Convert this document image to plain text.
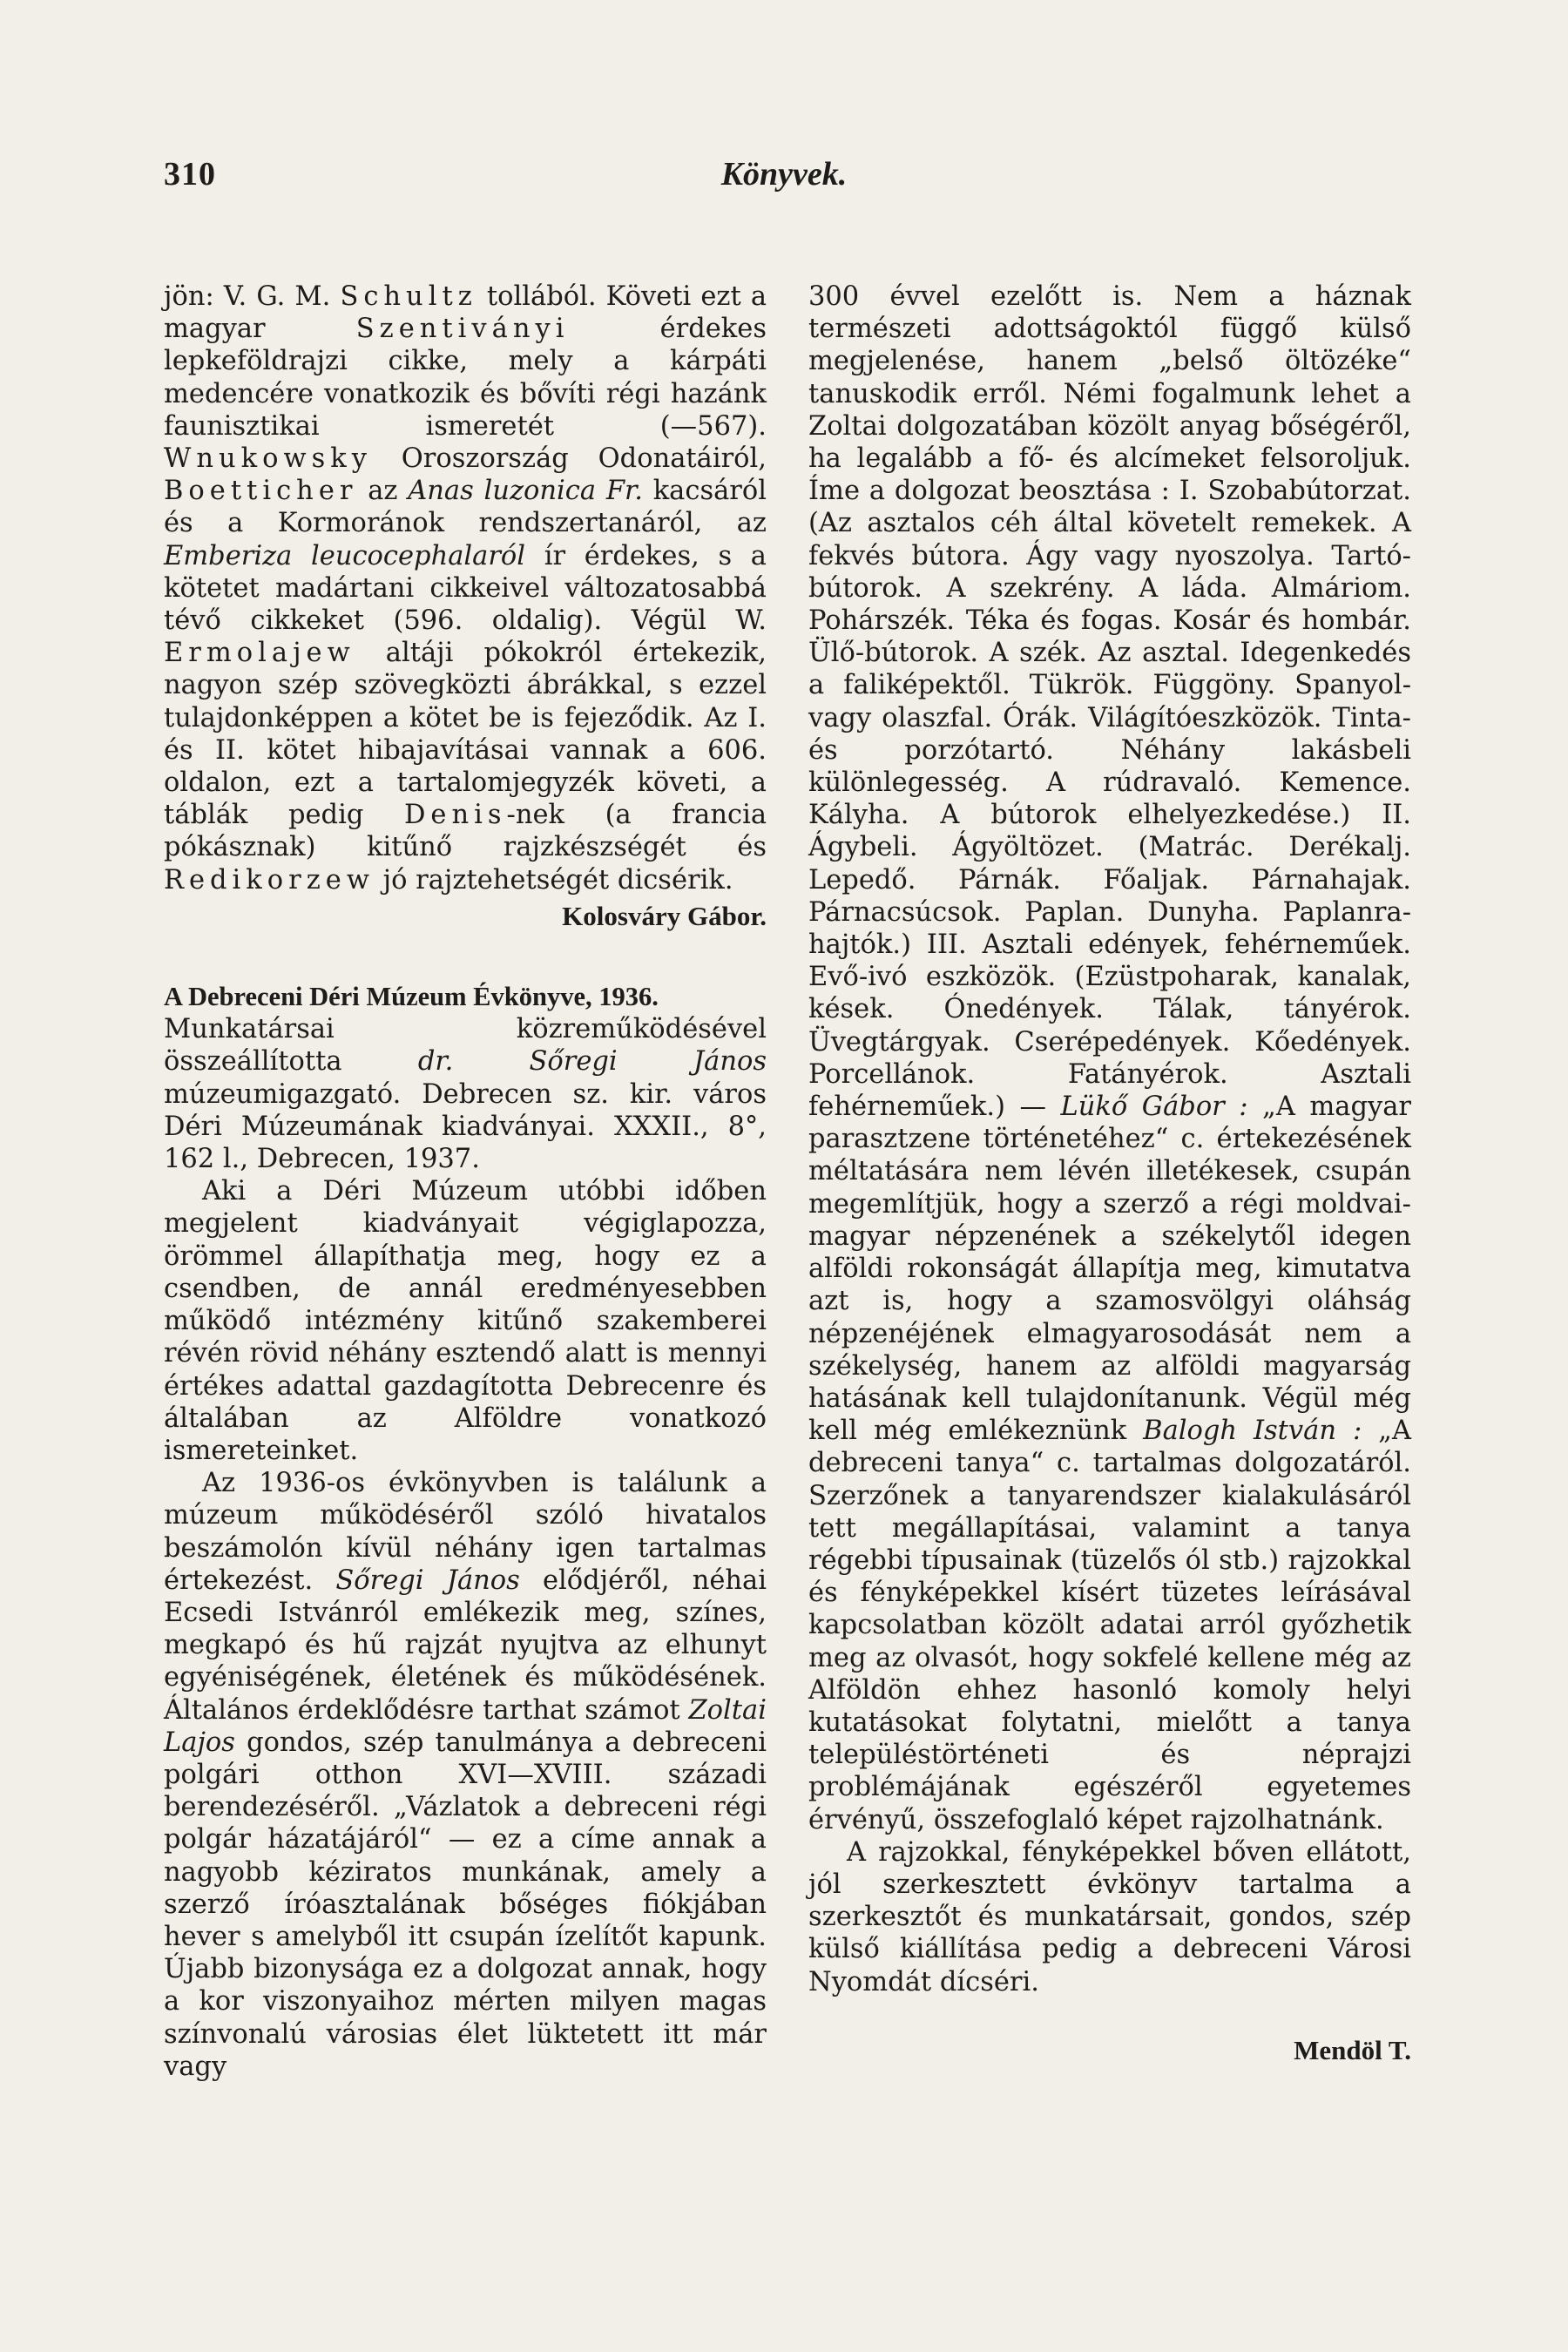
310	Könyvek.

jön: V. G. M. Schultz tollából. Követi ezt a magyar Szentiványi érdekes lepkeföldrajzi cikke, mely a kárpáti medencére vonatkozik és bővíti régi hazánk faunisztikai ismeretét (—567). Wnukowsky Oroszország Odonatáiról, Boetticher az Anas luzonica Fr. kacsáról és a Kormoránok rendszertanáról, az Emberiza leucocephalaról ír érdekes, s a kötetet madártani cikkeivel változatosabbá tévő cikkeket (596. oldalig). Végül W. Ermolajew altáji pókokról értekezik, nagyon szép szövegközti ábrákkal, s ezzel tulajdonképpen a kötet be is fejeződik. Az I. és II. kötet hibajavításai vannak a 606. oldalon, ezt a tartalomjegyzék követi, a táblák pedig Denis-nek (a francia pókásznak) kitűnő rajzkészségét és Redikorzew jó rajztehetségét dicsérik.

Kolosváry Gábor.

A Debreceni Déri Múzeum Évkönyve, 1936.

Munkatársai közreműködésével összeállította dr. Sőregi János múzeumigazgató. Debrecen sz. kir. város Déri Múzeumának kiadványai. XXXII., 8°, 162 l., Debrecen, 1937.

Aki a Déri Múzeum utóbbi időben megjelent kiadványait végiglapozza, örömmel állapíthatja meg, hogy ez a csendben, de annál eredményesebben működő intézmény kitűnő szakemberei révén rövid néhány esztendő alatt is mennyi értékes adattal gazdagította Debrecenre és általában az Alföldre vonatkozó ismereteinket.

Az 1936-os évkönyvben is találunk a múzeum működéséről szóló hivatalos beszámolón kívül néhány igen tartalmas értekezést. Sőregi János elődjéről, néhai Ecsedi Istvánról emlékezik meg, színes, megkapó és hű rajzát nyujtva az elhunyt egyéniségének, életének és működésének. Általános érdeklődésre tarthat számot Zoltai Lajos gondos, szép tanulmánya a debreceni polgári otthon XVI—XVIII. századi berendezéséről. „Vázlatok a debreceni régi polgár házatájáról“ — ez a címe annak a nagyobb kéziratos munkának, amely a szerző íróasztalának bőséges fiókjában hever s amelyből itt csupán ízelítőt kapunk. Újabb bizonysága ez a dolgozat annak, hogy a kor viszonyaihoz mérten milyen magas színvonalú városias élet lüktetett itt már vagy

300 évvel ezelőtt is. Nem a háznak természeti adottságoktól függő külső megjelenése, hanem „belső öltözéke“ tanuskodik erről. Némi fogalmunk lehet a Zoltai dolgozatában közölt anyag bőségéről, ha legalább a fő- és alcímeket felsoroljuk. Íme a dolgozat beosztása : I. Szobabútorzat. (Az asztalos céh által követelt remekek. A fekvés bútora. Ágy vagy nyoszolya. Tartó-bútorok. A szekrény. A láda. Almáriom. Pohárszék. Téka és fogas. Kosár és hombár. Ülő-bútorok. A szék. Az asztal. Idegenkedés a faliképektől. Tükrök. Függöny. Spanyol- vagy olaszfal. Órák. Világítóeszközök. Tinta- és porzótartó. Néhány lakásbeli különlegesség. A rúdravaló. Kemence. Kályha. A bútorok elhelyezkedése.) II. Ágybeli. Ágyöltözet. (Matrác. Derékalj. Lepedő. Párnák. Főaljak. Párnahajak. Párnacsúcsok. Paplan. Dunyha. Paplanra-hajtók.) III. Asztali edények, fehérneműek. Evő-ivó eszközök. (Ezüstpoharak, kanalak, kések. Ónedények. Tálak, tányérok. Üvegtárgyak. Cserépedények. Kőedények. Porcellánok. Fatányérok. Asztali fehérneműek.) — Lükő Gábor : „A magyar parasztzene történetéhez“ c. értekezésének méltatására nem lévén illetékesek, csupán megemlítjük, hogy a szerző a régi moldvai-magyar népzenének a székelytől idegen alföldi rokonságát állapítja meg, kimutatva azt is, hogy a szamosvölgyi oláhság népzenéjének elmagyarosodását nem a székelység, hanem az alföldi magyarság hatásának kell tulajdonítanunk. Végül még kell még emlékeznünk Balogh István : „A debreceni tanya“ c. tartalmas dolgozatáról. Szerzőnek a tanyarendszer kialakulásáról tett megállapításai, valamint a tanya régebbi típusainak (tüzelős ól stb.) rajzokkal és fényképekkel kísért tüzetes leírásával kapcsolatban közölt adatai arról győzhetik meg az olvasót, hogy sokfelé kellene még az Alföldön ehhez hasonló komoly helyi kutatásokat folytatni, mielőtt a tanya településtörténeti és néprajzi problémájának egészéről egyetemes érvényű, összefoglaló képet rajzolhatnánk.

A rajzokkal, fényképekkel bőven ellátott, jól szerkesztett évkönyv tartalma a szerkesztőt és munkatársait, gondos, szép külső kiállítása pedig a debreceni Városi Nyomdát dícséri.

Mendöl T.
